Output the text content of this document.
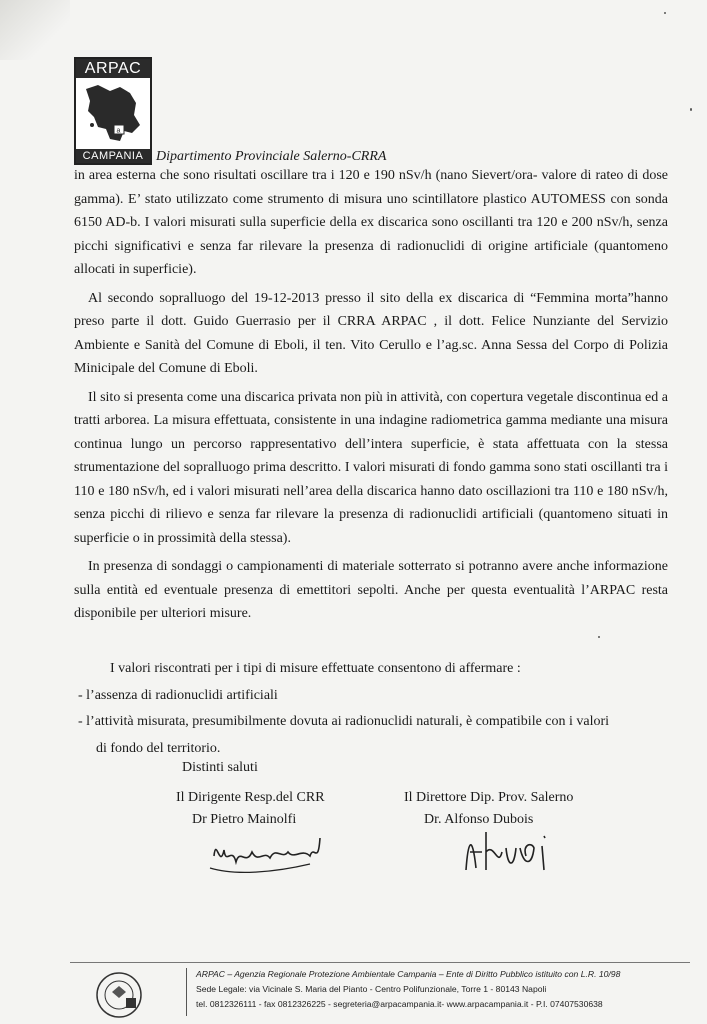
ARPAC
a
CAMPANIA Dipartimento Provinciale Salerno-CRRA

in area esterna che sono risultati oscillare tra i 120 e 190 nSv/h (nano Sievert/ora- valore di rateo di dose gamma). E’ stato utilizzato come strumento di misura uno scintillatore plastico AUTOMESS con sonda 6150 AD-b. I valori misurati sulla superficie della ex discarica sono oscillanti tra 120 e 200 nSv/h, senza picchi significativi e senza far rilevare la presenza di radionuclidi di origine artificiale (quantomeno allocati in superficie).

Al secondo sopralluogo del 19-12-2013 presso il sito della ex discarica di “Femmina morta”hanno preso parte il dott. Guido Guerrasio per il CRRA ARPAC , il dott. Felice Nunziante del Servizio Ambiente e Sanità del Comune di Eboli, il ten. Vito Cerullo e l’ag.sc. Anna Sessa del Corpo di Polizia Minicipale del Comune di Eboli.

Il sito si presenta come una discarica privata non più in attività, con copertura vegetale discontinua ed a tratti arborea. La misura effettuata, consistente in una indagine radiometrica gamma mediante una misura continua lungo un percorso rappresentativo dell’intera superficie, è stata affettuata con la stessa strumentazione del sopralluogo prima descritto. I valori misurati di fondo gamma sono stati oscillanti tra i 110 e 180 nSv/h, ed i valori misurati nell’area della discarica hanno dato oscillazioni tra 110 e 180 nSv/h, senza picchi di rilievo e senza far rilevare la presenza di radionuclidi artificiali (quantomeno situati in superficie o in prossimità della stessa).

In presenza di sondaggi o campionamenti di materiale sotterrato si potranno avere anche informazione sulla entità ed eventuale presenza di emettitori sepolti. Anche per questa eventualità l’ARPAC resta disponibile per ulteriori misure.

I valori riscontrati per i tipi di misure effettuate consentono di affermare :
- l’assenza di radionuclidi artificiali
- l’attività misurata, presumibilmente dovuta ai radionuclidi naturali, è compatibile con i valori
di fondo del territorio.
Distinti saluti
Il Dirigente Resp.del CRR
Dr Pietro Mainolfi
Il Direttore Dip. Prov. Salerno
Dr. Alfonso Dubois
ARPAC – Agenzia Regionale Protezione Ambientale Campania – Ente di Diritto Pubblico istituito con L.R. 10/98
Sede Legale: via Vicinale S. Maria del Pianto - Centro Polifunzionale, Torre 1 - 80143 Napoli
tel. 0812326111 - fax 0812326225 - segreteria@arpacampania.it- www.arpacampania.it - P.I. 07407530638
